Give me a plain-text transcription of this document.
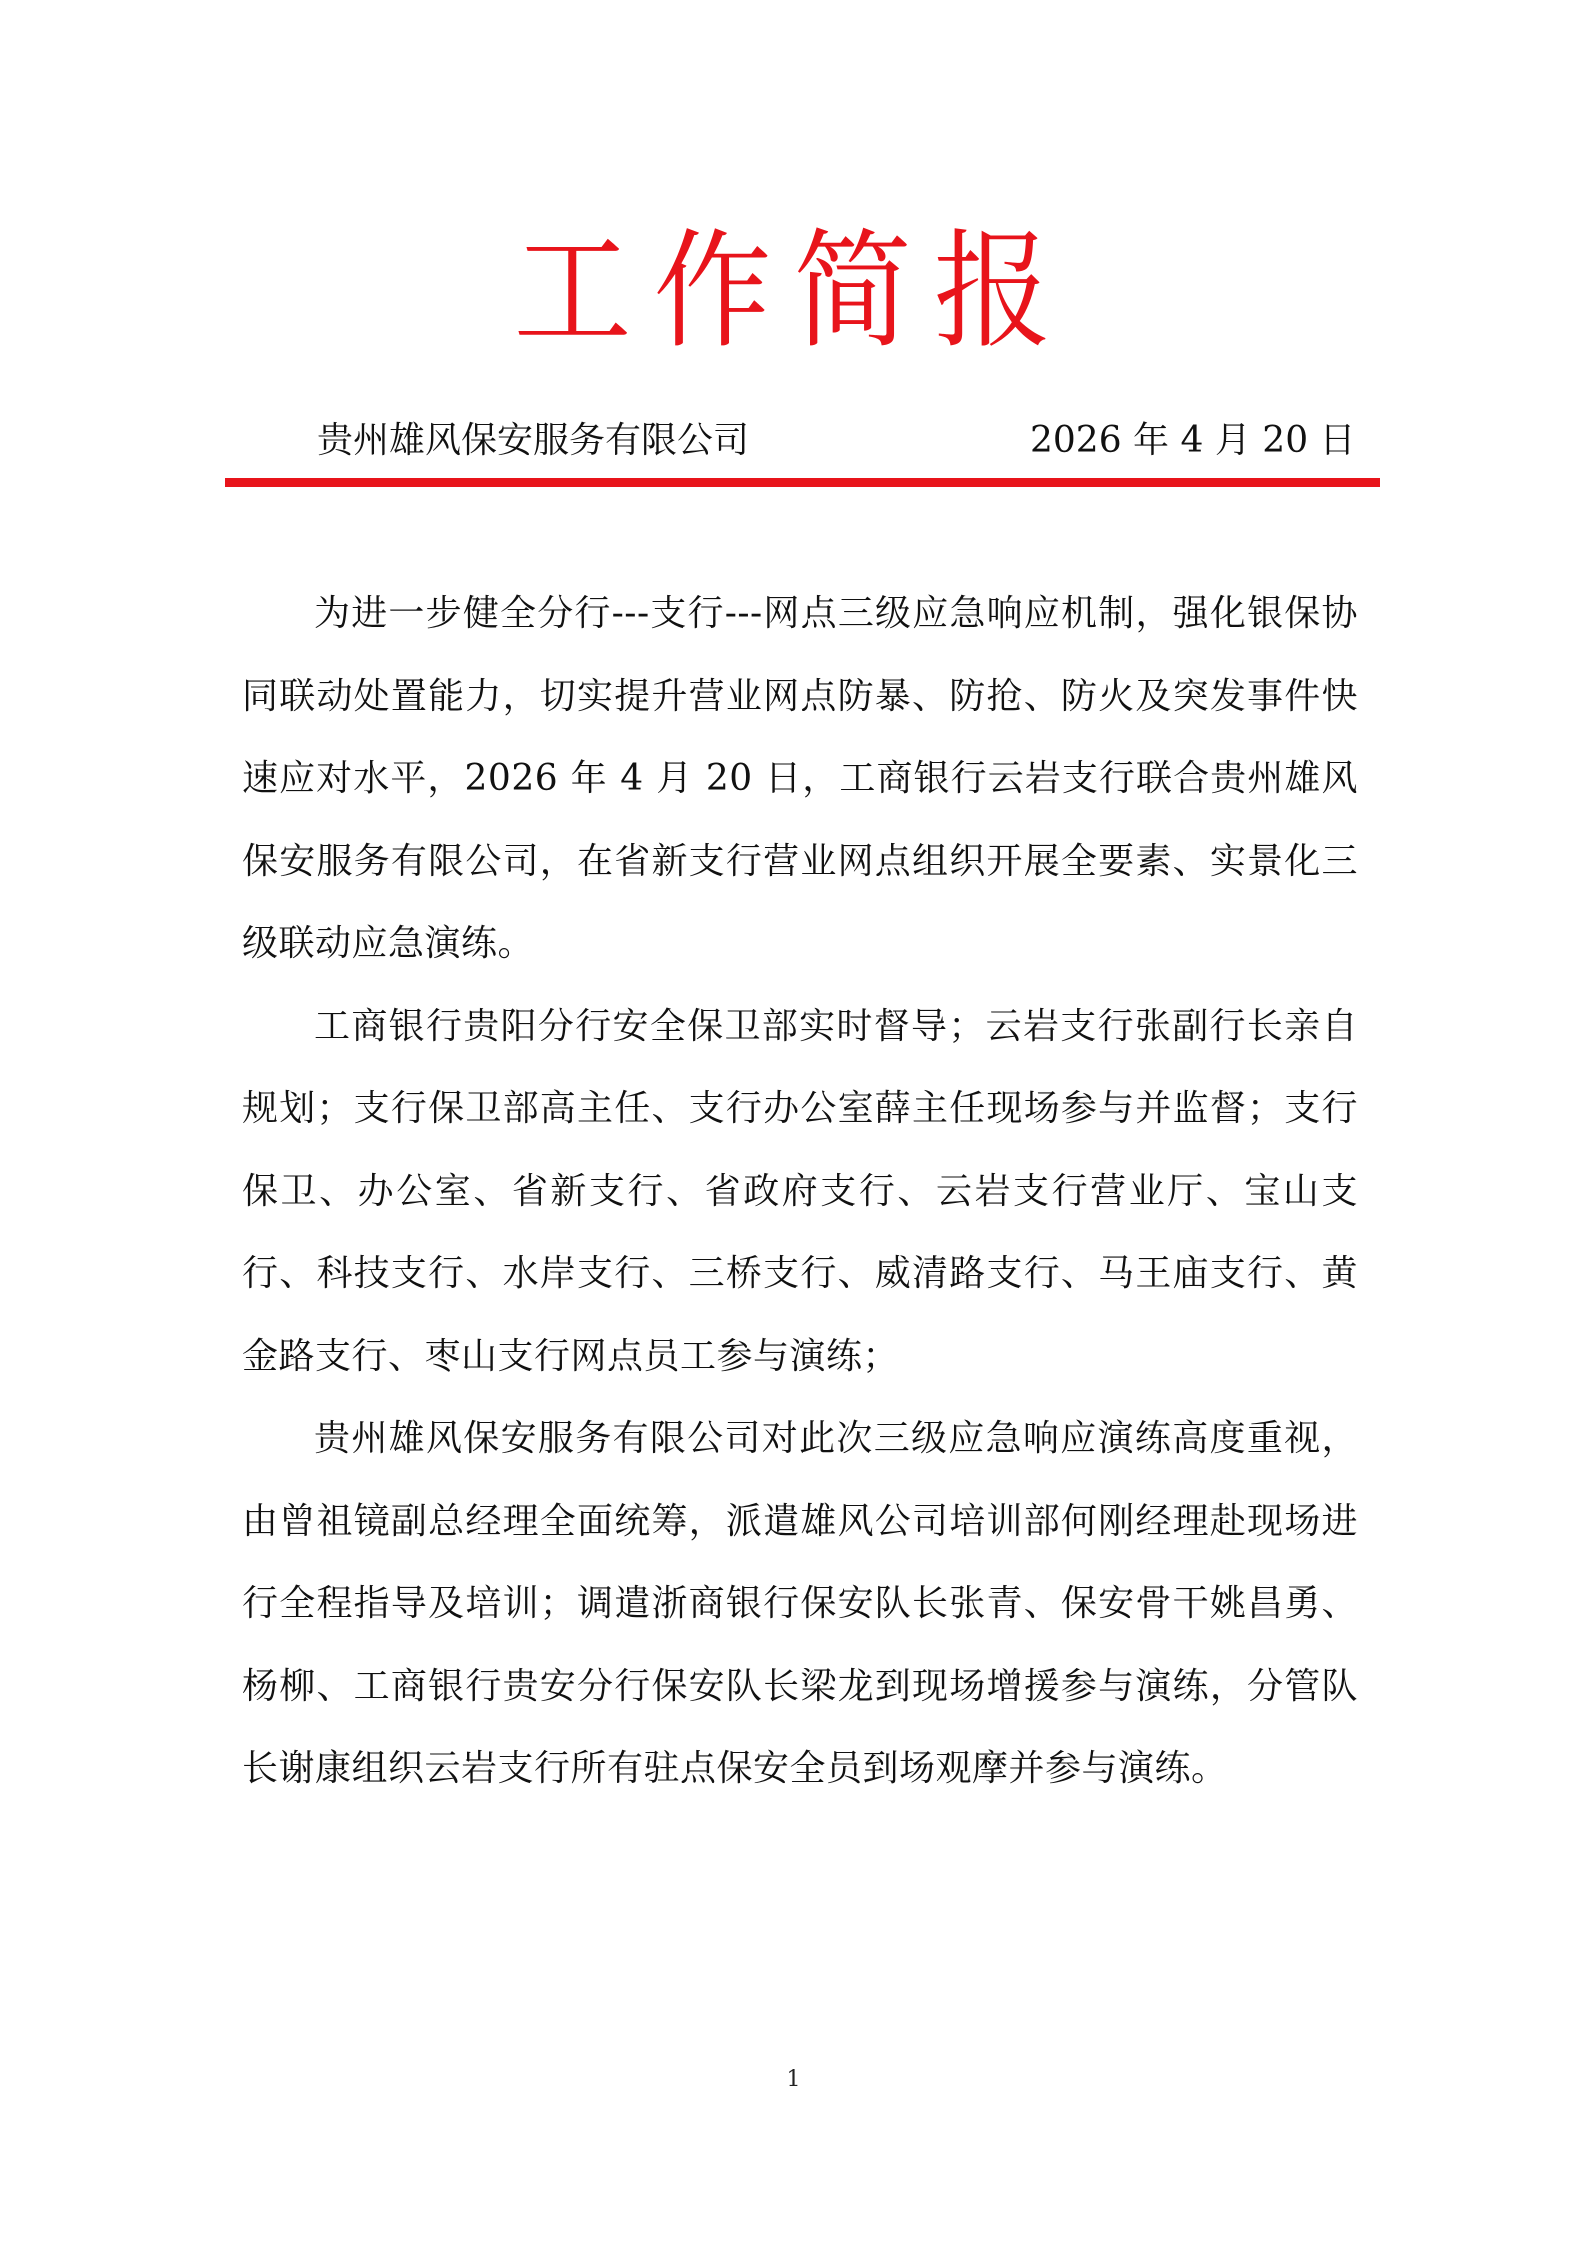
工作简报
贵州雄风保安服务有限公司	2026 年 4 月 20 日

为进一步健全分行---支行---网点三级应急响应机制，强化银保协同联动处置能力，切实提升营业网点防暴、防抢、防火及突发事件快速应对水平，2026 年 4 月 20 日，工商银行云岩支行联合贵州雄风保安服务有限公司，在省新支行营业网点组织开展全要素、实景化三级联动应急演练。

工商银行贵阳分行安全保卫部实时督导；云岩支行张副行长亲自规划；支行保卫部高主任、支行办公室薛主任现场参与并监督；支行保卫、办公室、省新支行、省政府支行、云岩支行营业厅、宝山支行、科技支行、水岸支行、三桥支行、威清路支行、马王庙支行、黄金路支行、枣山支行网点员工参与演练；

贵州雄风保安服务有限公司对此次三级应急响应演练高度重视，由曾祖镜副总经理全面统筹，派遣雄风公司培训部何刚经理赴现场进行全程指导及培训；调遣浙商银行保安队长张青、保安骨干姚昌勇、杨柳、工商银行贵安分行保安队长梁龙到现场增援参与演练，分管队长谢康组织云岩支行所有驻点保安全员到场观摩并参与演练。

1
